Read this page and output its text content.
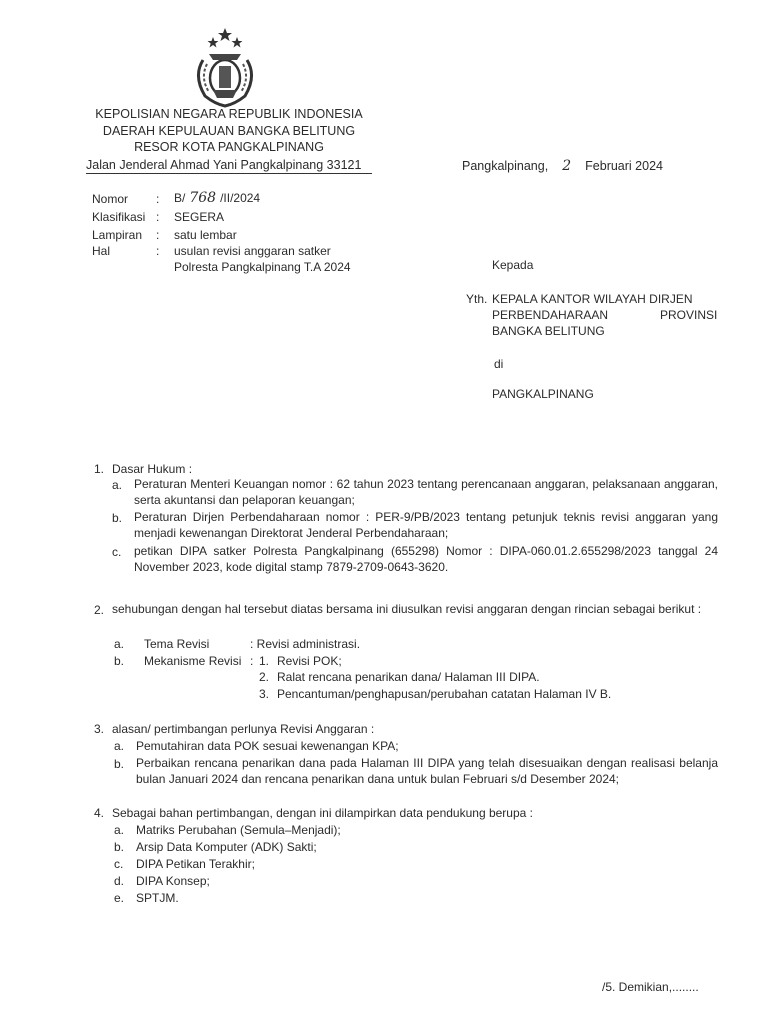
KEPOLISIAN NEGARA REPUBLIK INDONESIA
DAERAH KEPULAUAN BANGKA BELITUNG
RESOR KOTA PANGKALPINANG
Jalan Jenderal Ahmad Yani Pangkalpinang 33121	Pangkalpinang, 2 Februari 2024
Nomor : B/ 768 /II/2024
Klasifikasi : SEGERA
Lampiran : satu lembar
Hal	: usulan revisi anggaran satker
Polresta Pangkalpinang T.A 2024	Kepada
Yth. KEPALA KANTOR WILAYAH DIRJEN
PERBENDAHARAAN	PROVINSI
BANGKA BELITUNG
di
PANGKALPINANG
1. Dasar Hukum :
a. Peraturan Menteri Keuangan nomor : 62 tahun 2023 tentang perencanaan anggaran, pelaksanaan anggaran, serta akuntansi dan pelaporan keuangan;
b. Peraturan Dirjen Perbendaharaan nomor : PER-9/PB/2023 tentang petunjuk teknis revisi anggaran yang menjadi kewenangan Direktorat Jenderal Perbendaharaan;
c. petikan DIPA satker Polresta Pangkalpinang (655298) Nomor : DIPA-060.01.2.655298/2023 tanggal 24 November 2023, kode digital stamp 7879-2709-0643-3620.
2. sehubungan dengan hal tersebut diatas bersama ini diusulkan revisi anggaran dengan rincian sebagai berikut :
a. Tema Revisi	: Revisi administrasi.
b. Mekanisme Revisi : 1. Revisi POK;
2. Ralat rencana penarikan dana/ Halaman III DIPA.
3. Pencantuman/penghapusan/perubahan catatan Halaman IV B.
3. alasan/ pertimbangan perlunya Revisi Anggaran :
a. Pemutahiran data POK sesuai kewenangan KPA;
b. Perbaikan rencana penarikan dana pada Halaman III DIPA yang telah disesuaikan dengan realisasi belanja bulan Januari 2024 dan rencana penarikan dana untuk bulan Februari s/d Desember 2024;
4. Sebagai bahan pertimbangan, dengan ini dilampirkan data pendukung berupa :
a. Matriks Perubahan (Semula–Menjadi);
b. Arsip Data Komputer (ADK) Sakti;
c. DIPA Petikan Terakhir;
d. DIPA Konsep;
e. SPTJM.
/5. Demikian,........
